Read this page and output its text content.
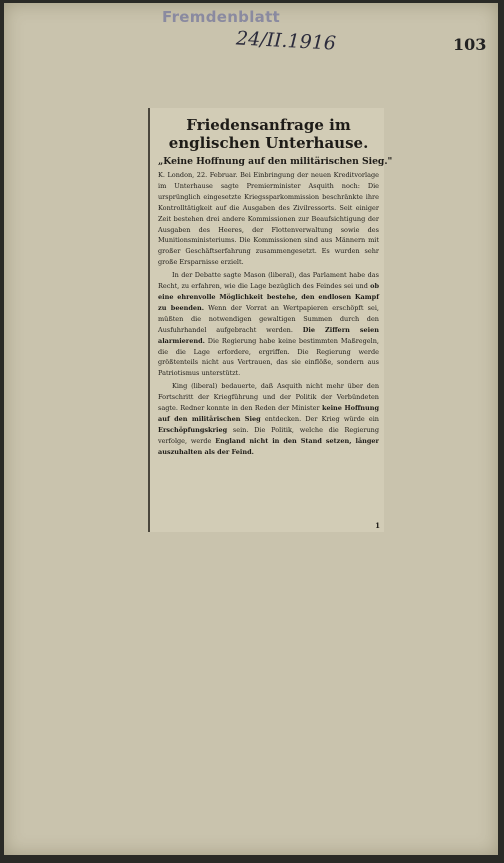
Fremdenblatt
24/II.1916	103
Friedensanfrage im englischen Unterhause.
„Keine Hoffnung auf den militärischen Sieg."

K. London, 22. Februar. Bei Einbringung der neuen Kreditvorlage im Unterhause sagte Premierminister Asquith noch: Die ursprünglich eingesetzte Kriegssparkommission beschränkte ihre Kontrolltätigkeit auf die Ausgaben des Zivilressorts. Seit einiger Zeit bestehen drei andere Kommissionen zur Beaufsichtigung der Ausgaben des Heeres, der Flottenverwaltung sowie des Munitionsministeriums. Die Kommissionen sind aus Männern mit großer Geschäftserfahrung zusammengesetzt. Es wurden sehr große Ersparnisse erzielt.

In der Debatte sagte Mason (liberal), das Parlament habe das Recht, zu erfahren, wie die Lage bezüglich des Feindes sei und ob eine ehrenvolle Möglichkeit bestehe, den endlosen Kampf zu beenden. Wenn der Vorrat an Wertpapieren erschöpft sei, müßten die notwendigen gewaltigen Summen durch den Ausfuhrhandel aufgebracht werden. Die Ziffern seien alarmierend. Die Regierung habe keine bestimmten Maßregeln, die die Lage erfordere, ergriffen. Die Regierung werde größtenteils nicht aus Vertrauen, das sie einflöße, sondern aus Patriotismus unterstützt.

King (liberal) bedauerte, daß Asquith nicht mehr über den Fortschritt der Kriegführung und der Politik der Verbündeten sagte. Redner konnte in den Reden der Minister keine Hoffnung auf den militärischen Sieg entdecken. Der Krieg würde ein Erschöpfungskrieg sein. Die Politik, welche die Regierung verfolge, werde England nicht in den Stand setzen, länger auszuhalten als der Feind.

1
